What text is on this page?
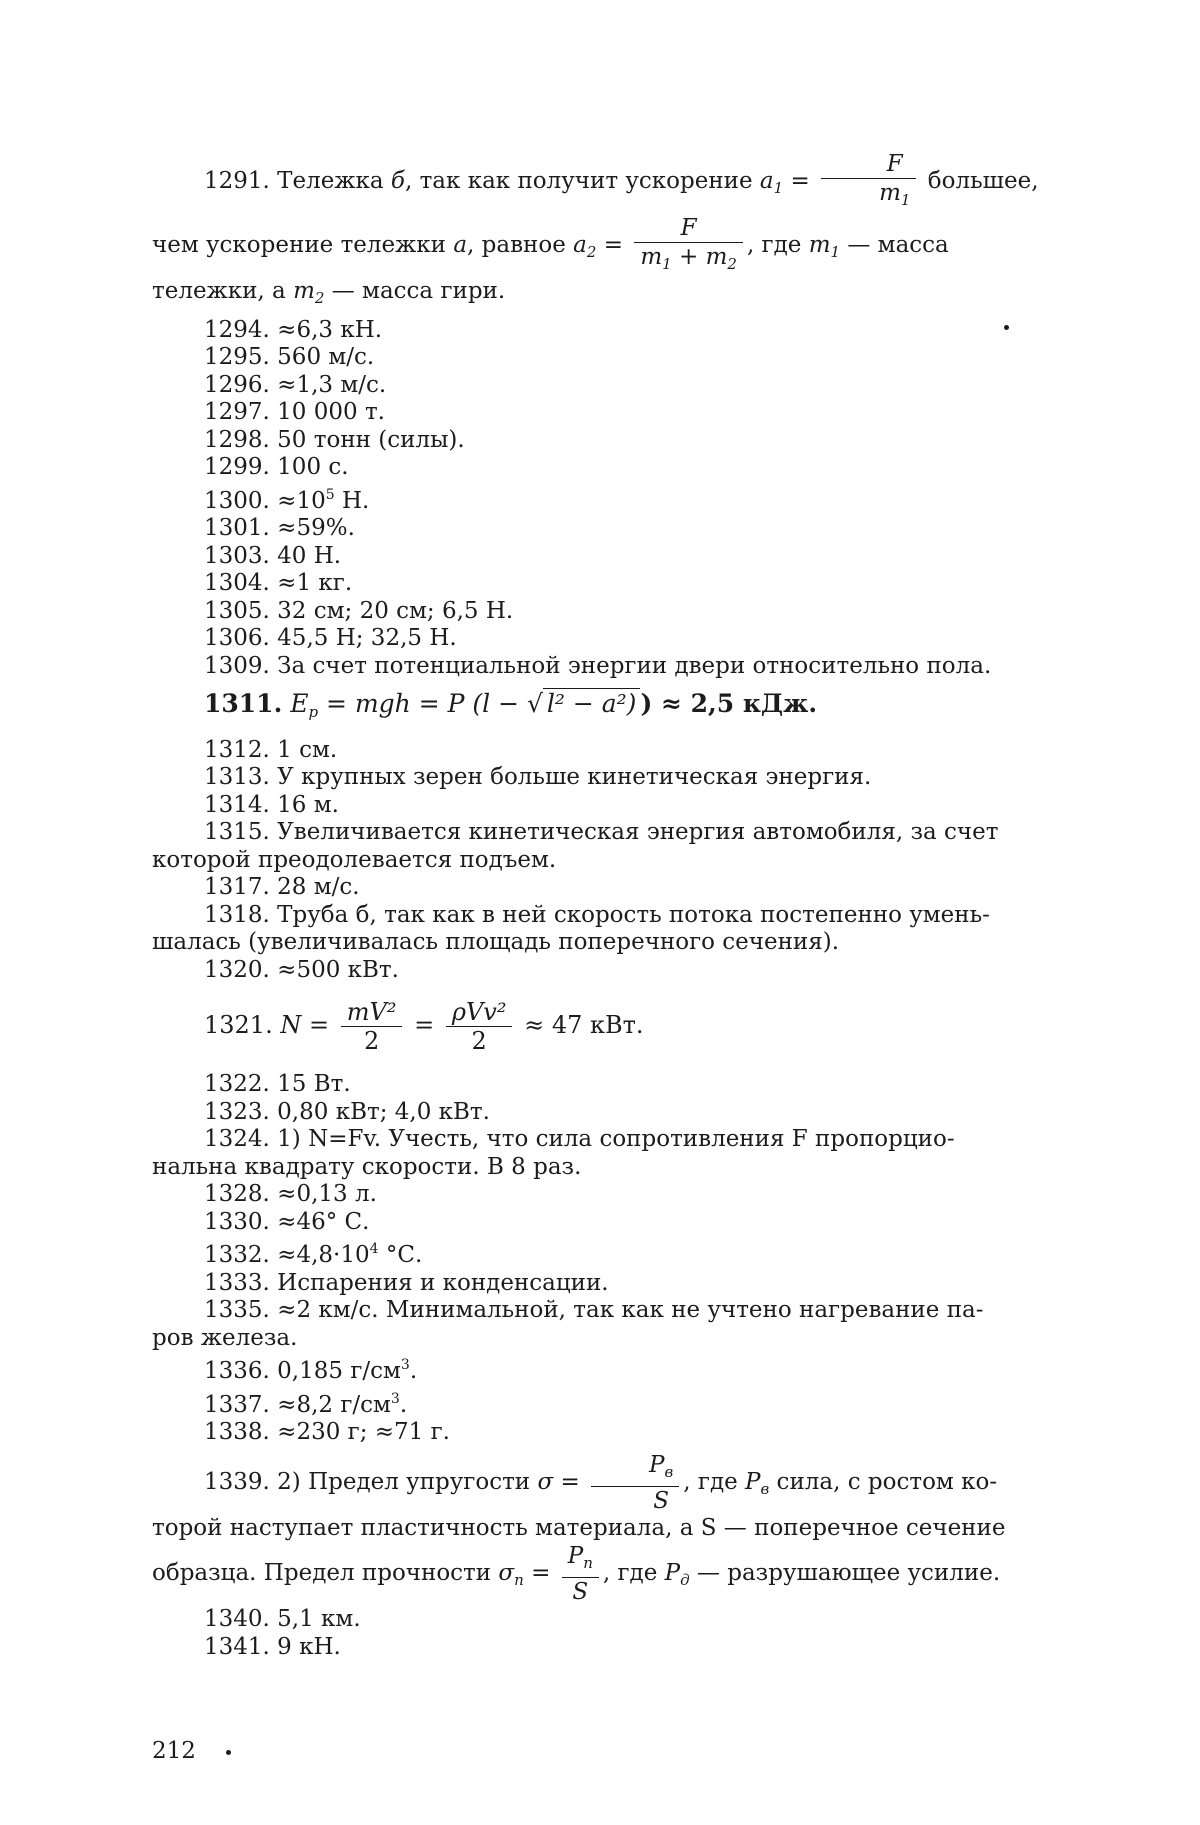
1291. Тележка б, так как получит ускорение $a_1 = \frac{F}{m_1}$ большее,
чем ускорение тележки а, равное $a_2 = \frac{F}{m_1 + m_2}$ , где $m_1$ — масса
тележки, а $m_2$ — масса гири.
1294. ≈6,3 кН.
1295. 560 м/с.
1296. ≈1,3 м/с.
1297. 10 000 т.
1298. 50 тонн (силы).
1299. 100 с.
1300. $\approx 10^5$ Н.
1301. ≈59%.
1303. 40 Н.
1304. ≈1 кг.
1305. 32 см; 20 см; 6,5 Н.
1306. 45,5 Н; 32,5 Н.
1309. За счет потенциальной энергии двери относительно пола.
1311. $E_p$ = mgh = P (l − √ l² − a²) ) ≈ 2,5 кДж.
1312. 1 см.
1313. У крупных зерен больше кинетическая энергия.
1314. 16 м.
1315. Увеличивается кинетическая энергия автомобиля, за счет
которой преодолевается подъем.
1317. 28 м/с.
1318. Труба б, так как в ней скорость потока постепенно умень-
шалась (увеличивалась площадь поперечного сечения).
1320. ≈500 кВт.
1321. $N = \frac{\text{mV²}}{2} = \frac{\text{ρVv²}}{2} \approx 47$ кВт.
1322. 15 Вт.
1323. 0,80 кВт; 4,0 кВт.
1324. 1) N=Fv. Учесть, что сила сопротивления F пропорцио-
нальна квадрату скорости. В 8 раз.
1328. ≈0,13 л.
1330. ≈46° С.
1332. $\approx 4,8\cdot 10^4$ °С.
1333. Испарения и конденсации.
1335. ≈2 км/с. Минимальной, так как не учтено нагревание па-
ров железа.
1336. 0,185 $г/см^3$.
1337. ≈8,2 $г/см^3$.
1338. ≈230 г; ≈71 г.
1339. 2) Предел упругости $\sigma = \frac{P_в}{S}$ , где $P_в$ сила, с ростом ко-
торой наступает пластичность материала, а S — поперечное сечение
образца. Предел прочности $\sigma_п = \frac{P_п}{S}$ , где $P_д$ — разрушающее усилие.
1340. 5,1 км.
1341. 9 кН.
212
